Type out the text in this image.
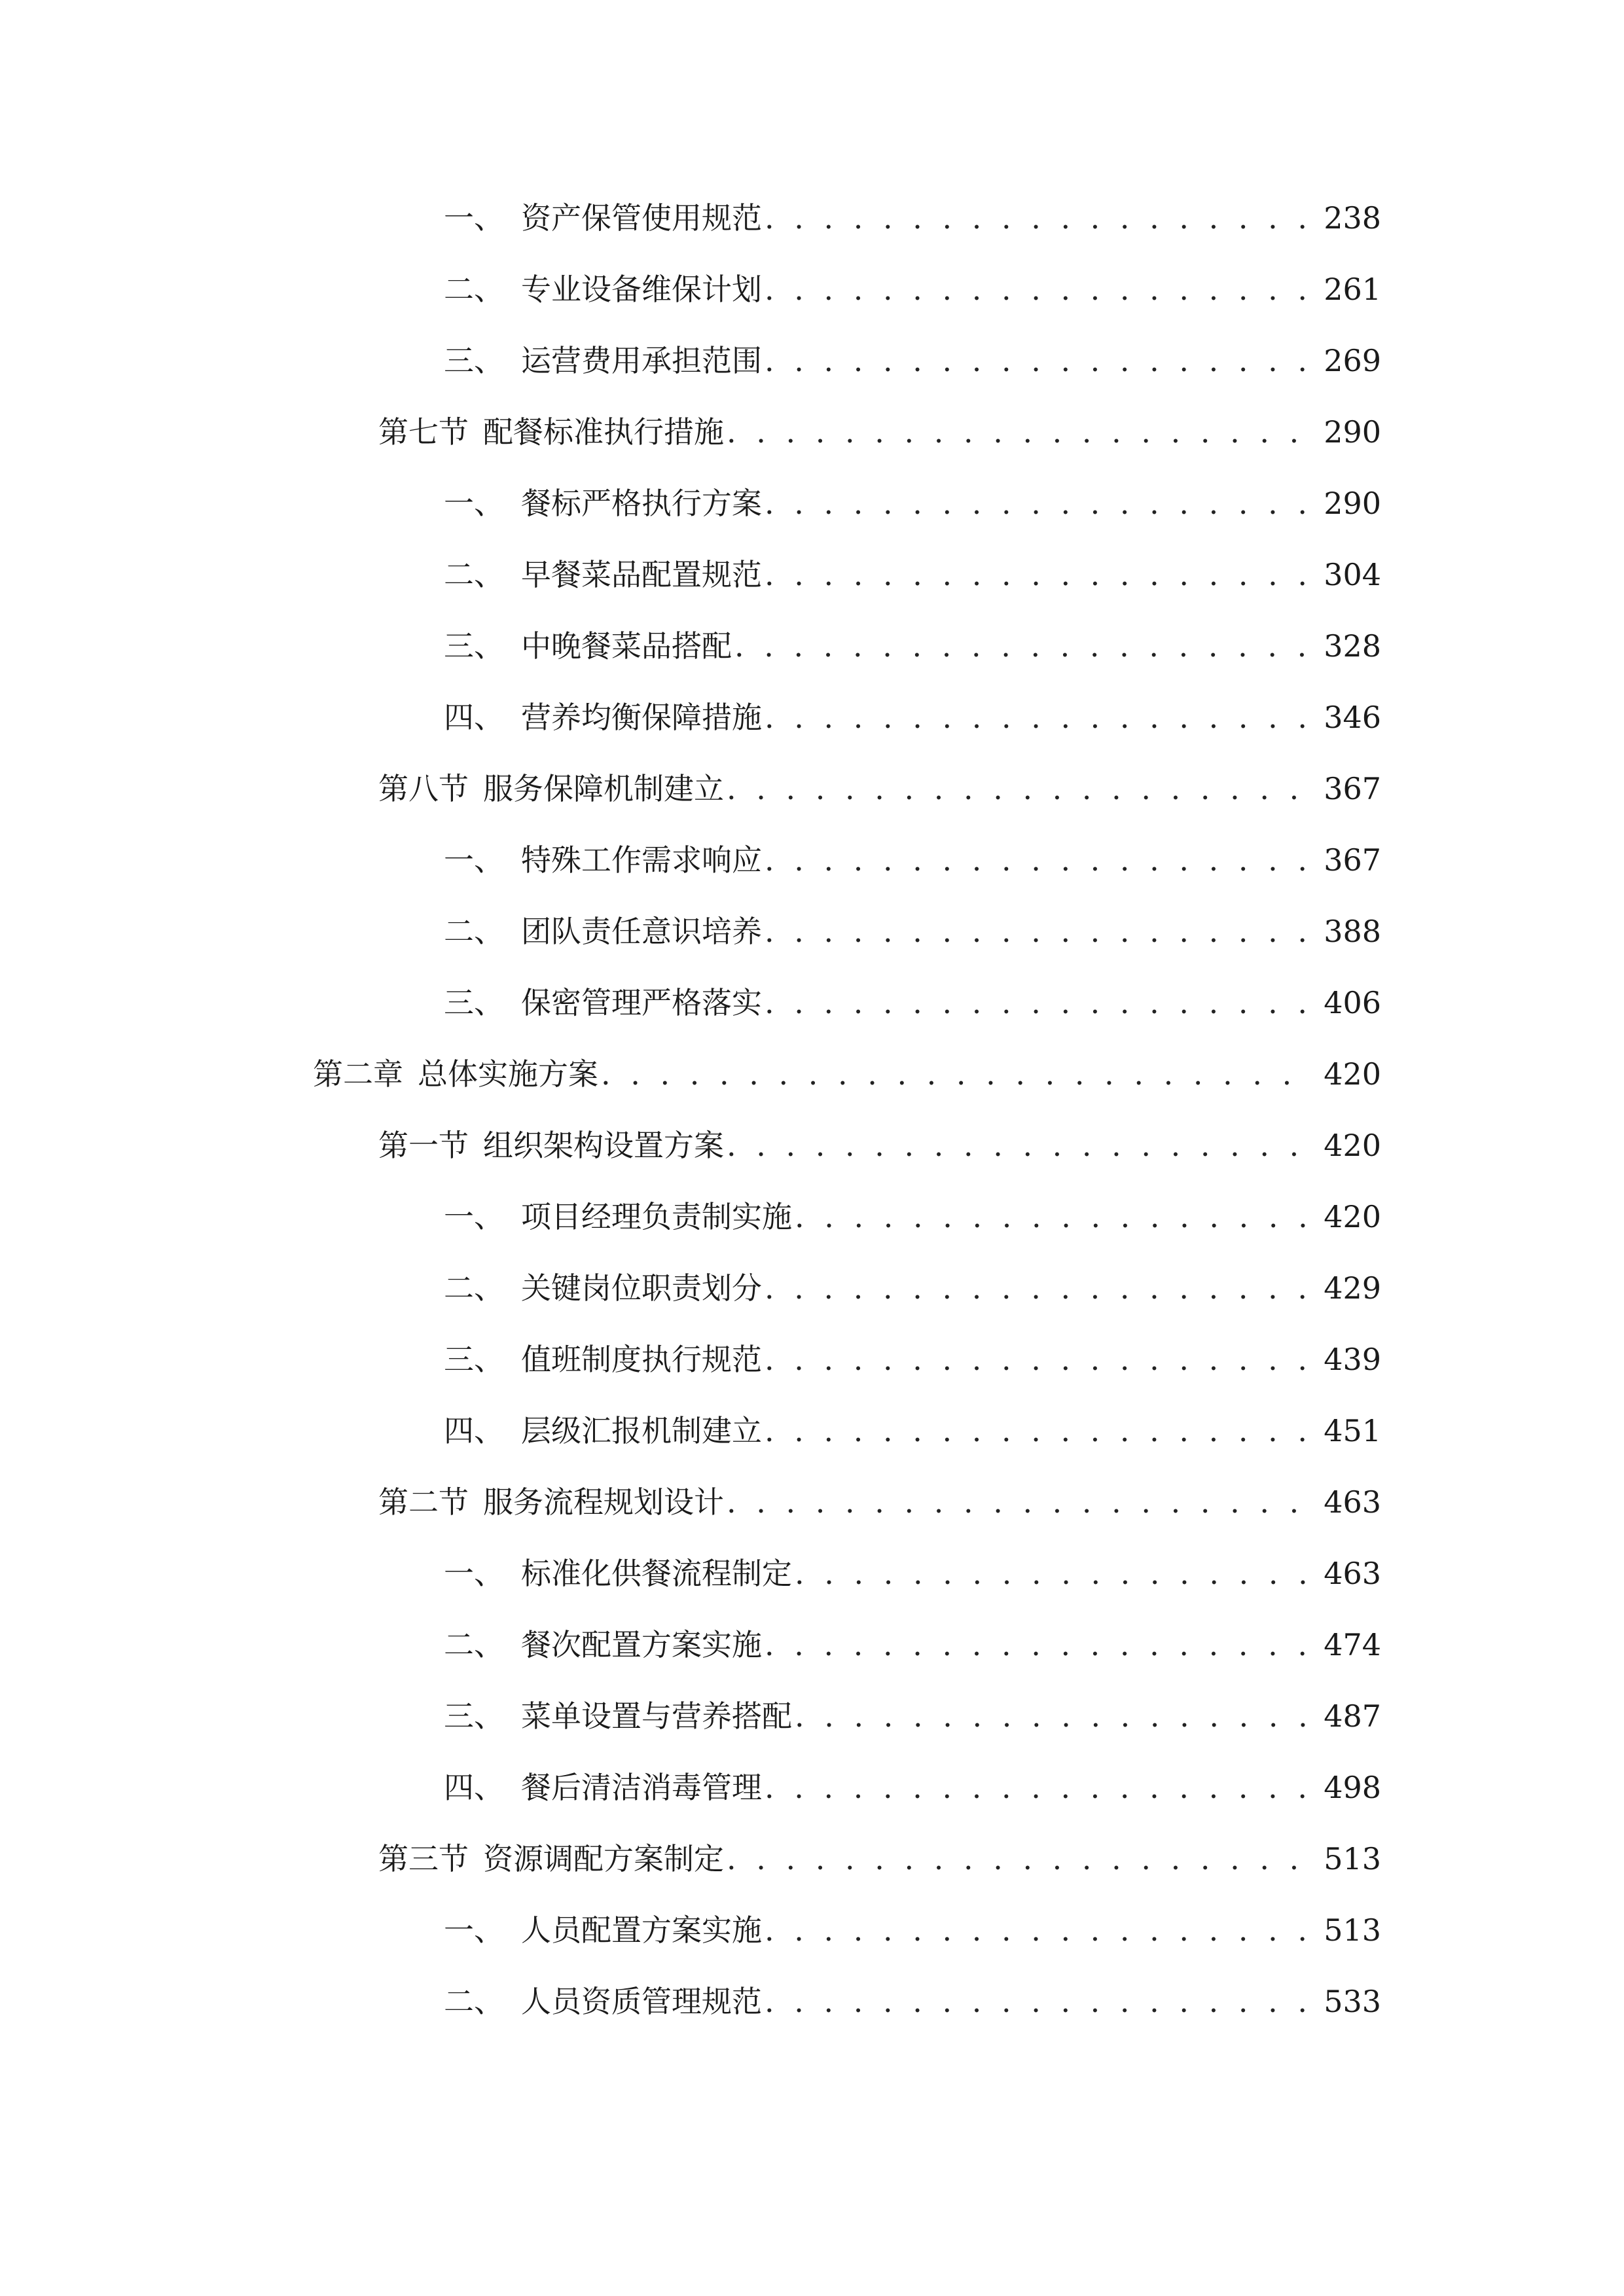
一、 资产保管使用规范 . . .	238
二、 专业设备维保计划 . . .	261
三、 运营费用承担范围 . . .	269
第七节 配餐标准执行措施 . . .	290
一、 餐标严格执行方案 . . .	290
二、 早餐菜品配置规范 . . .	304
三、 中晚餐菜品搭配 . . .	328
四、 营养均衡保障措施 . . .	346
第八节 服务保障机制建立 . . .	367
一、 特殊工作需求响应 . . .	367
二、 团队责任意识培养 . . .	388
三、 保密管理严格落实 . . .	406
第二章 总体实施方案 . . .	420
第一节 组织架构设置方案 . . .	420
一、 项目经理负责制实施 . . .	420
二、 关键岗位职责划分 . . .	429
三、 值班制度执行规范 . . .	439
四、 层级汇报机制建立 . . .	451
第二节 服务流程规划设计 . . .	463
一、 标准化供餐流程制定 . . .	463
二、 餐次配置方案实施 . . .	474
三、 菜单设置与营养搭配 . . .	487
四、 餐后清洁消毒管理 . . .	498
第三节 资源调配方案制定 . . .	513
一、 人员配置方案实施 . . .	513
二、 人员资质管理规范 . . .	533
